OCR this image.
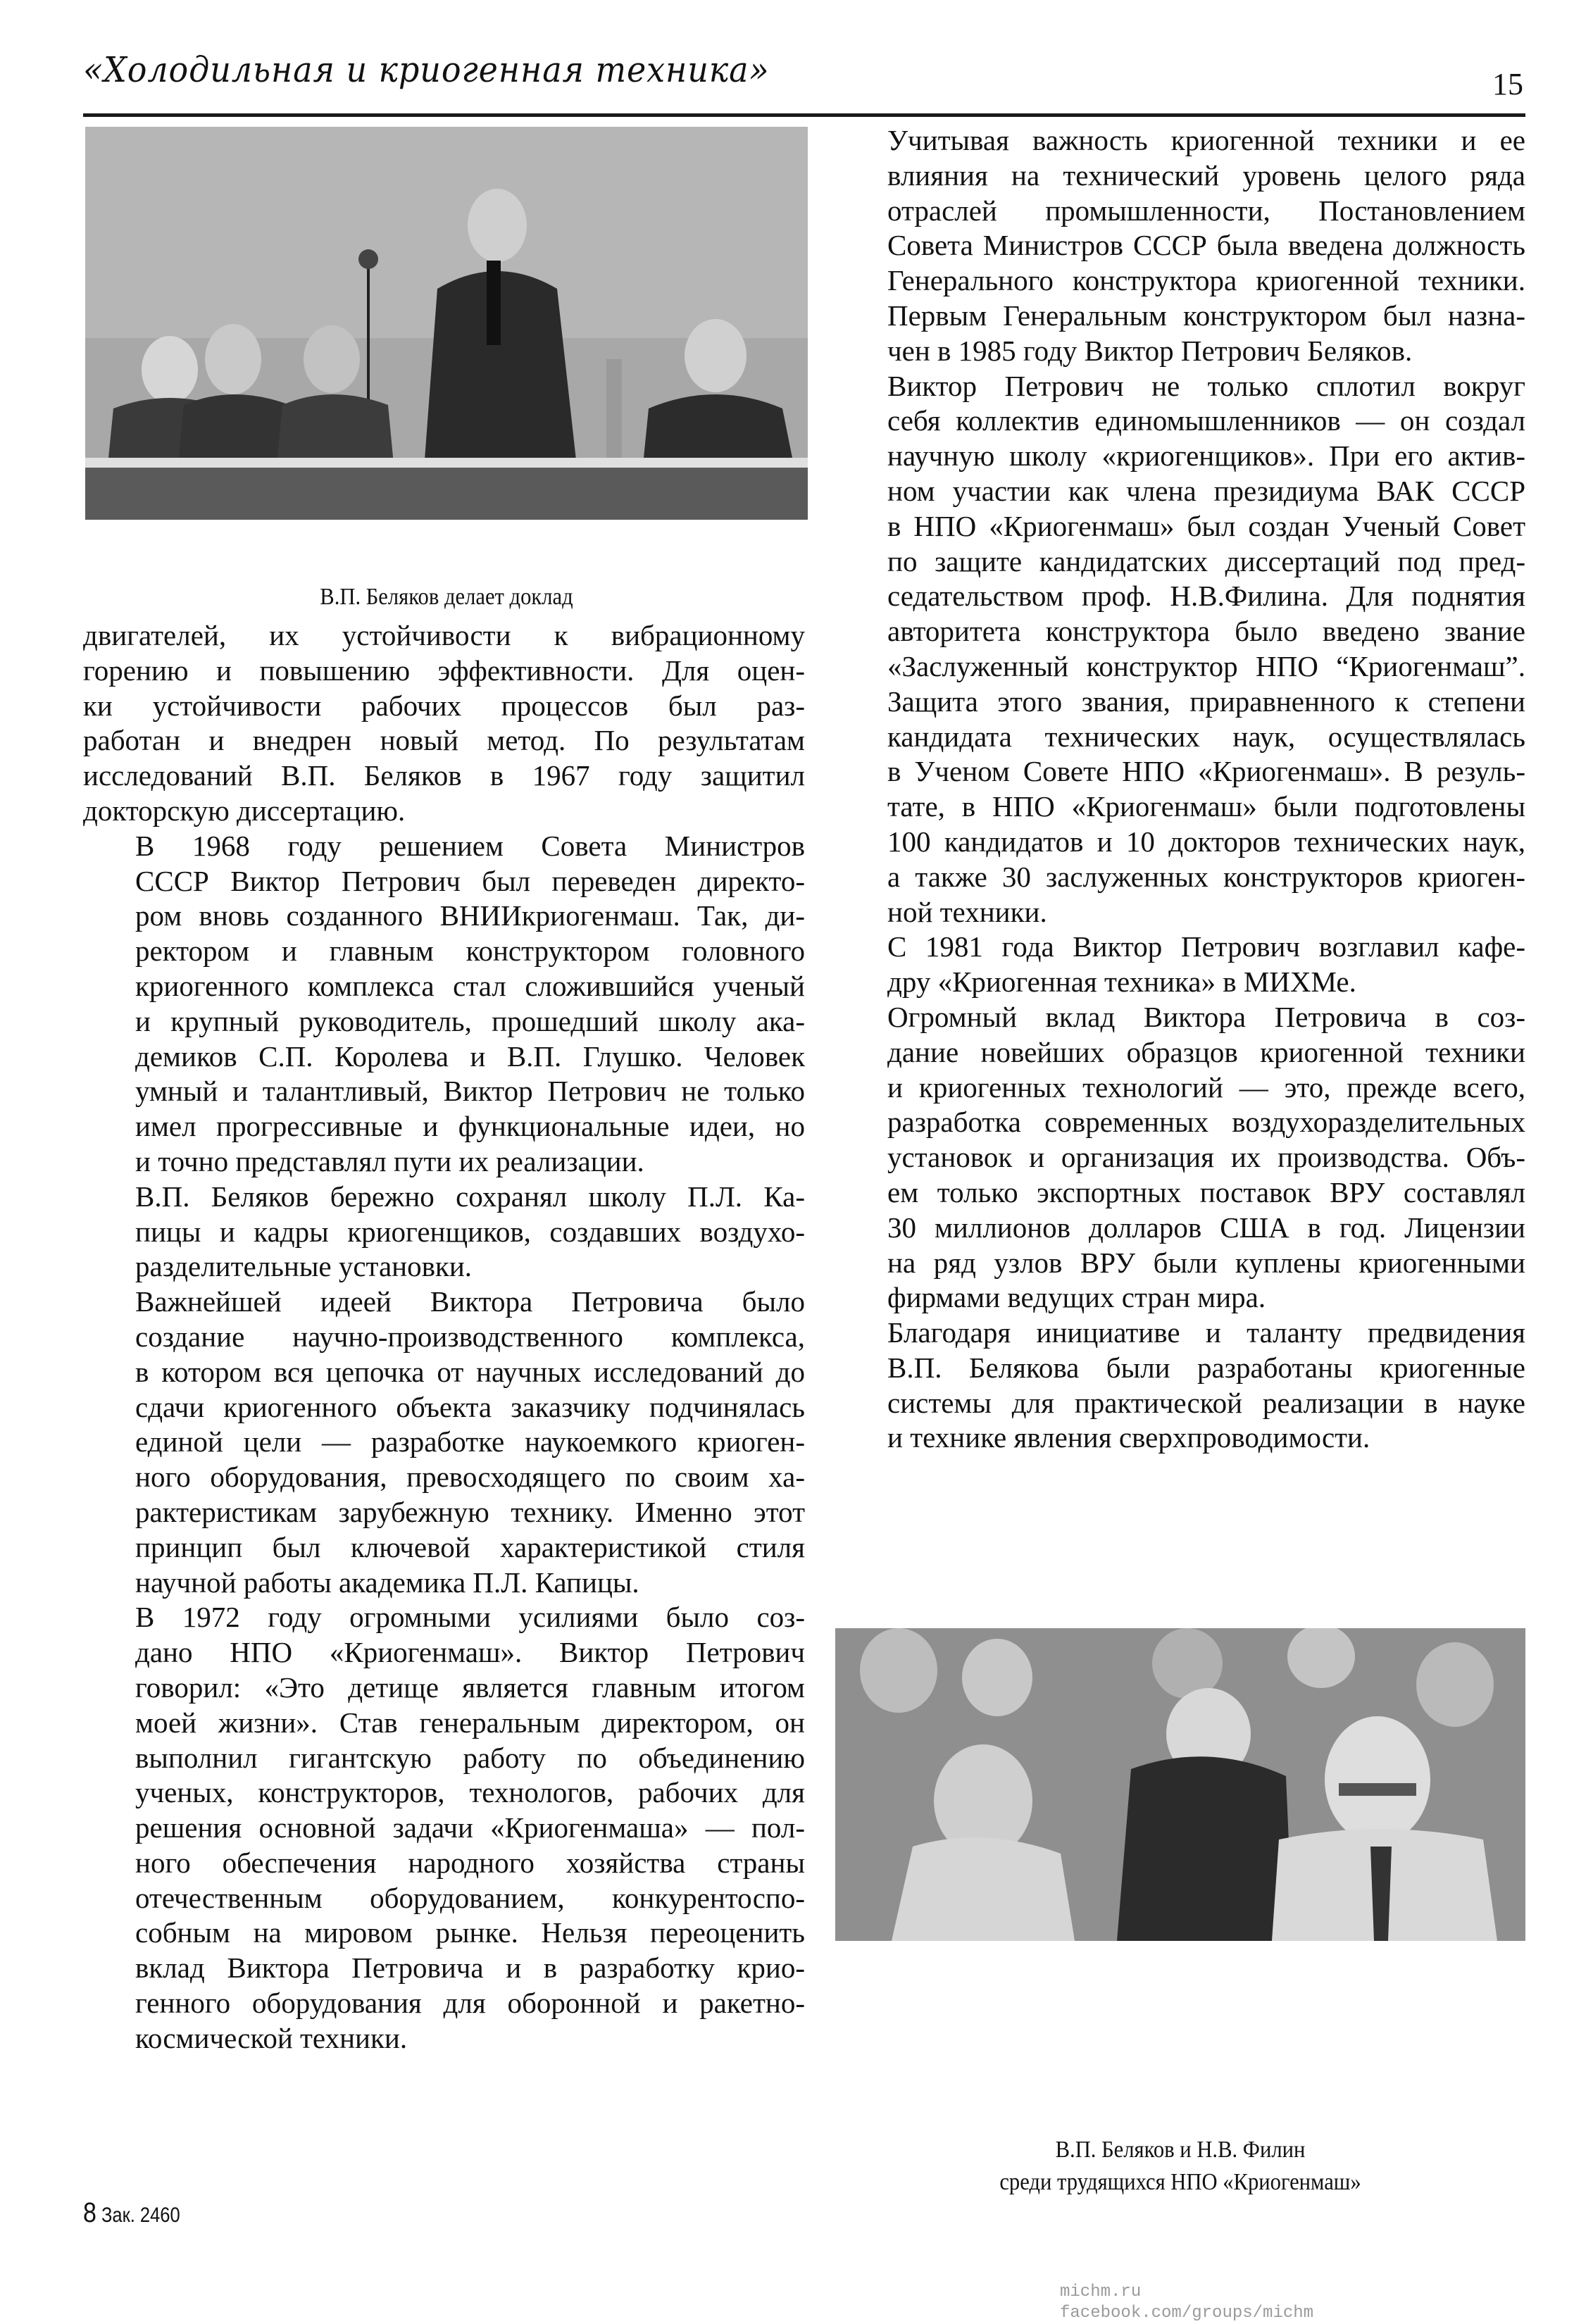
«Холодильная и криогенная техника»	15
В.П. Беляков делает доклад

двигателей, их устойчивости к вибрационному
горению и повышению эффективности. Для оцен-
ки устойчивости рабочих процессов был раз-
работан и внедрен новый метод. По результатам
исследований В.П. Беляков в 1967 году защитил
докторскую диссертацию.

В 1968 году решением Совета Министров
СССР Виктор Петрович был переведен директо-
ром вновь созданного ВНИИкриогенмаш. Так, ди-
ректором и главным конструктором головного
криогенного комплекса стал сложившийся ученый
и крупный руководитель, прошедший школу ака-
демиков С.П. Королева и В.П. Глушко. Человек
умный и талантливый, Виктор Петрович не только
имел прогрессивные и функциональные идеи, но
и точно представлял пути их реализации.

В.П. Беляков бережно сохранял школу П.Л. Ка-
пицы и кадры криогенщиков, создавших воздухо-
разделительные установки.

Важнейшей идеей Виктора Петровича было
создание научно-производственного комплекса,
в котором вся цепочка от научных исследований до
сдачи криогенного объекта заказчику подчинялась
единой цели — разработке наукоемкого криоген-
ного оборудования, превосходящего по своим ха-
рактеристикам зарубежную технику. Именно этот
принцип был ключевой характеристикой стиля
научной работы академика П.Л. Капицы.

В 1972 году огромными усилиями было соз-
дано НПО «Криогенмаш». Виктор Петрович
говорил: «Это детище является главным итогом
моей жизни». Став генеральным директором, он
выполнил гигантскую работу по объединению
ученых, конструкторов, технологов, рабочих для
решения основной задачи «Криогенмаша» — пол-
ного обеспечения народного хозяйства страны
отечественным оборудованием, конкурентоспо-
собным на мировом рынке. Нельзя переоценить
вклад Виктора Петровича и в разработку крио-
генного оборудования для оборонной и ракетно-
космической техники.

8 Зак. 2460

Учитывая важность криогенной техники и ее
влияния на технический уровень целого ряда
отраслей промышленности, Постановлением
Совета Министров СССР была введена должность
Генерального конструктора криогенной техники.
Первым Генеральным конструктором был назна-
чен в 1985 году Виктор Петрович Беляков.

Виктор Петрович не только сплотил вокруг
себя коллектив единомышленников — он создал
научную школу «криогенщиков». При его актив-
ном участии как члена президиума ВАК СССР
в НПО «Криогенмаш» был создан Ученый Совет
по защите кандидатских диссертаций под пред-
седательством проф. Н.В.Филина. Для поднятия
авторитета конструктора было введено звание
«Заслуженный конструктор НПО “Криогенмаш”.
Защита этого звания, приравненного к степени
кандидата технических наук, осуществлялась
в Ученом Совете НПО «Криогенмаш». В резуль-
тате, в НПО «Криогенмаш» были подготовлены
100 кандидатов и 10 докторов технических наук,
а также 30 заслуженных конструкторов криоген-
ной техники.

С 1981 года Виктор Петрович возглавил кафе-
дру «Криогенная техника» в МИХМе.

Огромный вклад Виктора Петровича в соз-
дание новейших образцов криогенной техники
и криогенных технологий — это, прежде всего,
разработка современных воздухоразделительных
установок и организация их производства. Объ-
ем только экспортных поставок ВРУ составлял
30 миллионов долларов США в год. Лицензии
на ряд узлов ВРУ были куплены криогенными
фирмами ведущих стран мира.

Благодаря инициативе и таланту предвидения
В.П. Белякова были разработаны криогенные
системы для практической реализации в науке
и технике явления сверхпроводимости.

В.П. Беляков и Н.В. Филин
среди трудящихся НПО «Криогенмаш»
michm.ru
facebook.com/groups/michm
